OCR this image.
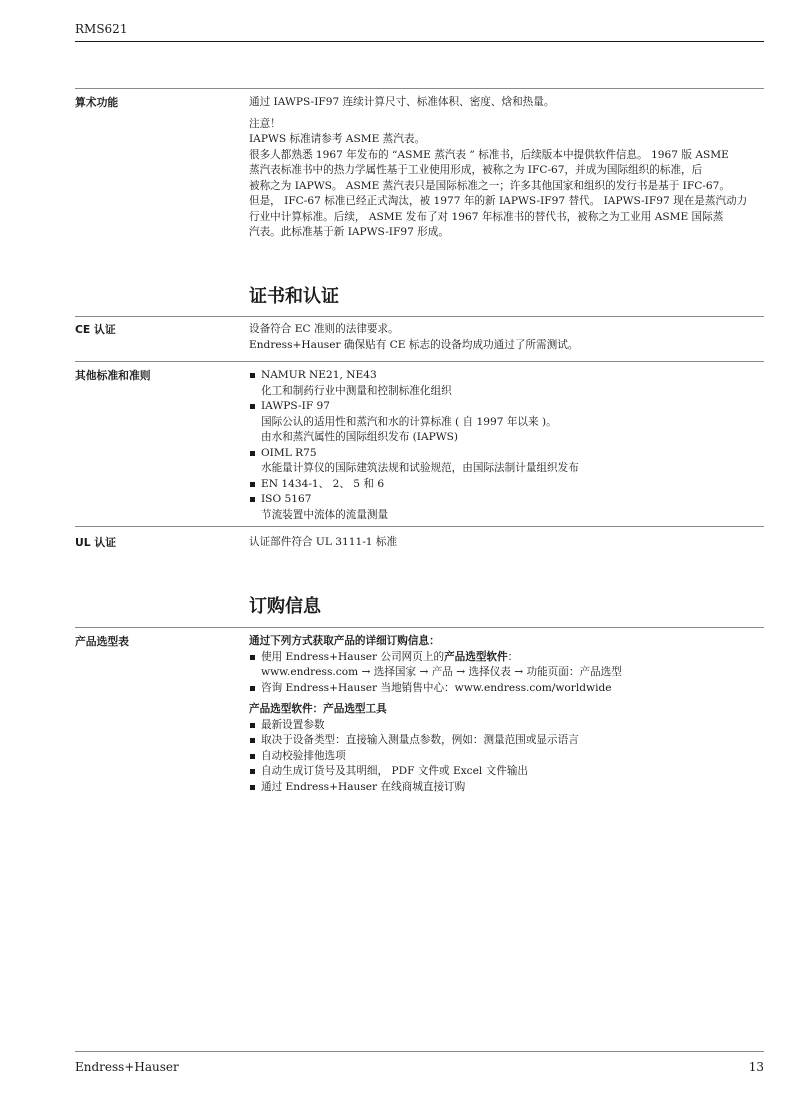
RMS621
算术功能	通过 IAWPS-IF97 连续计算尺寸、标准体积、密度、焓和热量。

注意！

IAPWS 标准请参考 ASME 蒸汽表。

很多人都熟悉 1967 年发布的 “ASME 蒸汽表 ” 标准书，后续版本中提供软件信息。 1967 版 ASME

蒸汽表标准书中的热力学属性基于工业使用形成，被称之为 IFC-67，并成为国际组织的标准，后

被称之为 IAPWS。 ASME 蒸汽表只是国际标准之一；许多其他国家和组织的发行书是基于 IFC-67。

但是， IFC-67 标准已经正式淘汰，被 1977 年的新 IAPWS-IF97 替代。 IAPWS-IF97 现在是蒸汽动力

行业中计算标准。后续， ASME 发布了对 1967 年标准书的替代书，被称之为工业用 ASME 国际蒸

汽表。此标准基于新 IAPWS-IF97 形成。

证书和认证
CE 认证	设备符合 EC 准则的法律要求。

Endress+Hauser 确保贴有 CE 标志的设备均成功通过了所需测试。

其他标准和准则	NAMUR NE21, NE43
化工和制药行业中测量和控制标准化组织
IAWPS-IF 97
国际公认的适用性和蒸汽和水的计算标准 ( 自 1997 年以来 )。
由水和蒸汽属性的国际组织发布 (IAPWS)
OIML R75
水能量计算仪的国际建筑法规和试验规范，由国际法制计量组织发布
EN 1434-1、 2、 5 和 6
ISO 5167
节流装置中流体的流量测量
UL 认证	认证部件符合 UL 3111-1 标准

订购信息
产品选型表	通过下列方式获取产品的详细订购信息：

使用 Endress+Hauser 公司网页上的产品选型软件：
www.endress.com → 选择国家 → 产品 → 选择仪表 → 功能页面：产品选型
咨询 Endress+Hauser 当地销售中心：www.endress.com/worldwide

产品选型软件：产品选型工具

最新设置参数
取决于设备类型：直接输入测量点参数，例如：测量范围或显示语言
自动校验排他选项
自动生成订货号及其明细， PDF 文件或 Excel 文件输出
通过 Endress+Hauser 在线商城直接订购
Endress+Hauser	13
